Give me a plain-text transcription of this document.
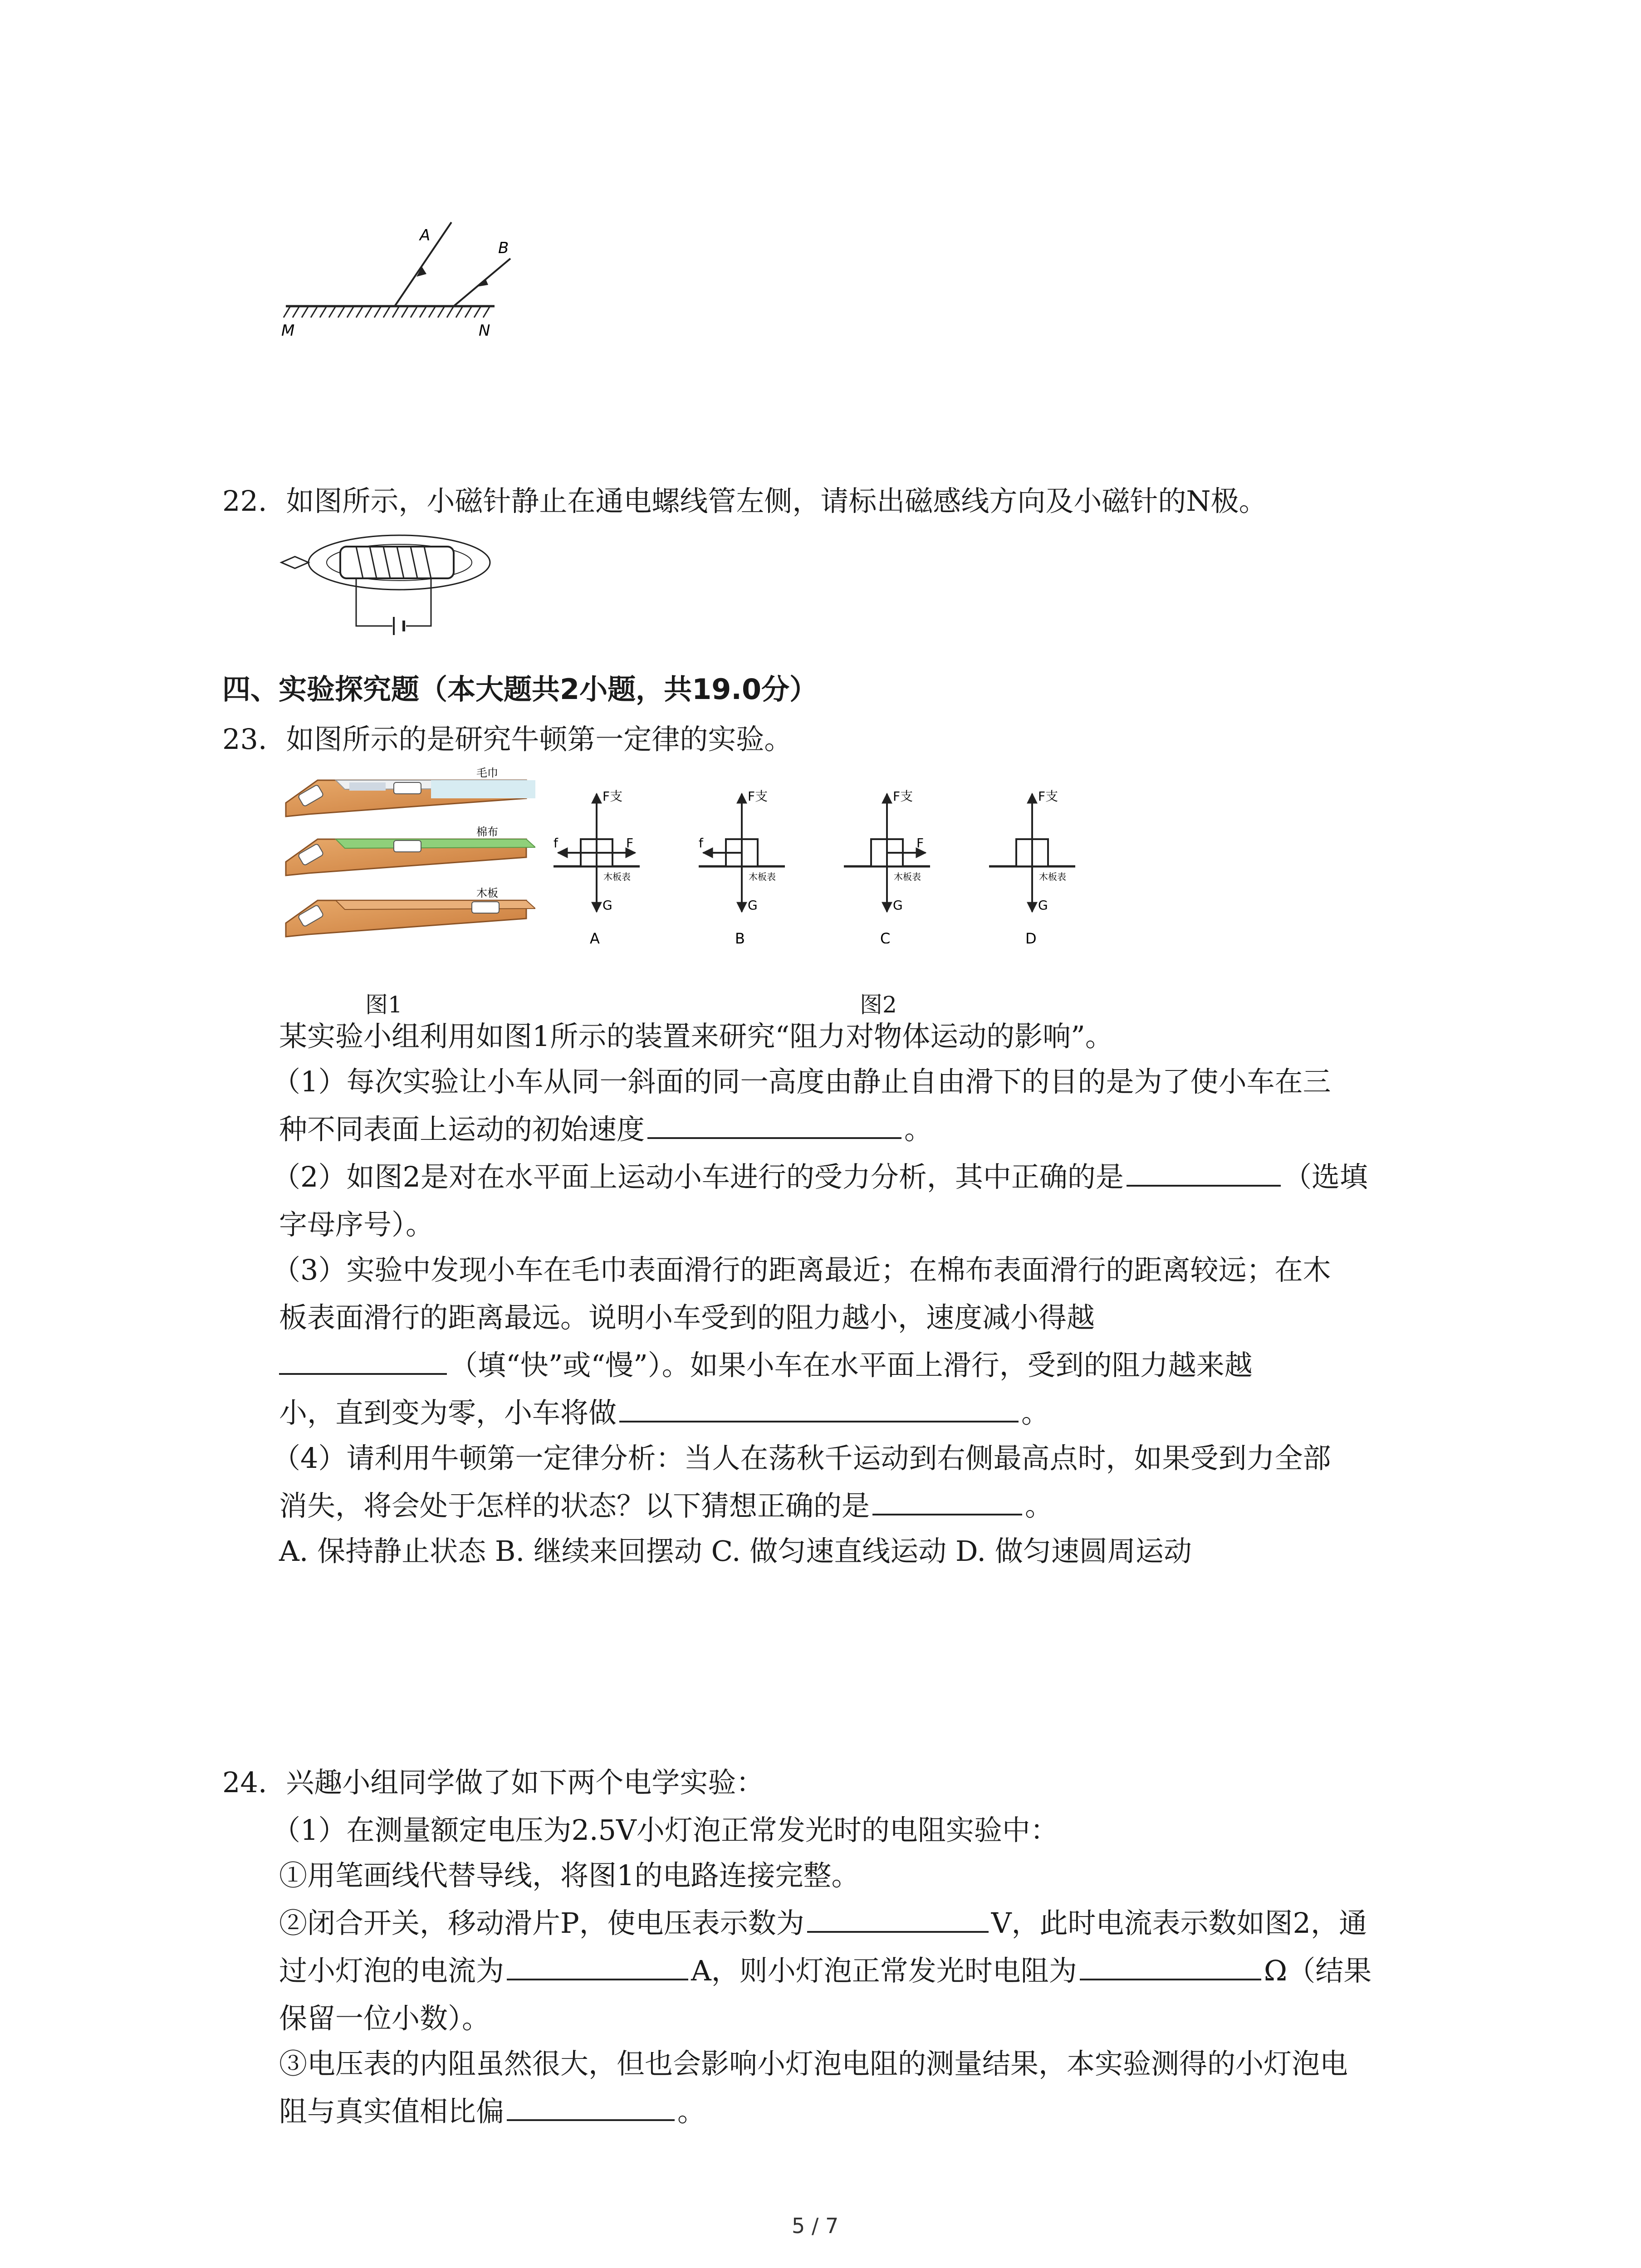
A
B
M	N
22. 如图所示，小磁针静止在通电螺线管左侧，请标出磁感线方向及小磁针的N极。
四、实验探究题（本大题共2小题，共19.0分）
23. 如图所示的是研究牛顿第一定律的实验。
毛巾
棉布
木板
F支
F
f
G
木板表
A
F支
f
G
木板表
B
F支
F
G
木板表
C
F支
G
木板表
D
图1	图2
某实验小组利用如图1所示的装置来研究“阻力对物体运动的影响”。
（1）每次实验让小车从同一斜面的同一高度由静止自由滑下的目的是为了使小车在三
种不同表面上运动的初始速度	。
（2）如图2是对在水平面上运动小车进行的受力分析，其中正确的是	（选填
字母序号）。
（3）实验中发现小车在毛巾表面滑行的距离最近；在棉布表面滑行的距离较远；在木
板表面滑行的距离最远。说明小车受到的阻力越小，速度减小得越
（填“快”或“慢”）。如果小车在水平面上滑行，受到的阻力越来越
小，直到变为零，小车将做	。
（4）请利用牛顿第一定律分析：当人在荡秋千运动到右侧最高点时，如果受到力全部
消失，将会处于怎样的状态？以下猜想正确的是	。
A. 保持静止状态 B. 继续来回摆动 C. 做匀速直线运动 D. 做匀速圆周运动
24. 兴趣小组同学做了如下两个电学实验：
（1）在测量额定电压为2.5V小灯泡正常发光时的电阻实验中：
①用笔画线代替导线，将图1的电路连接完整。
②闭合开关，移动滑片P，使电压表示数为	V，此时电流表示数如图2，通
过小灯泡的电流为	A，则小灯泡正常发光时电阻为	Ω（结果
保留一位小数）。
③电压表的内阻虽然很大，但也会影响小灯泡电阻的测量结果，本实验测得的小灯泡电
阻与真实值相比偏	。
5 / 7
